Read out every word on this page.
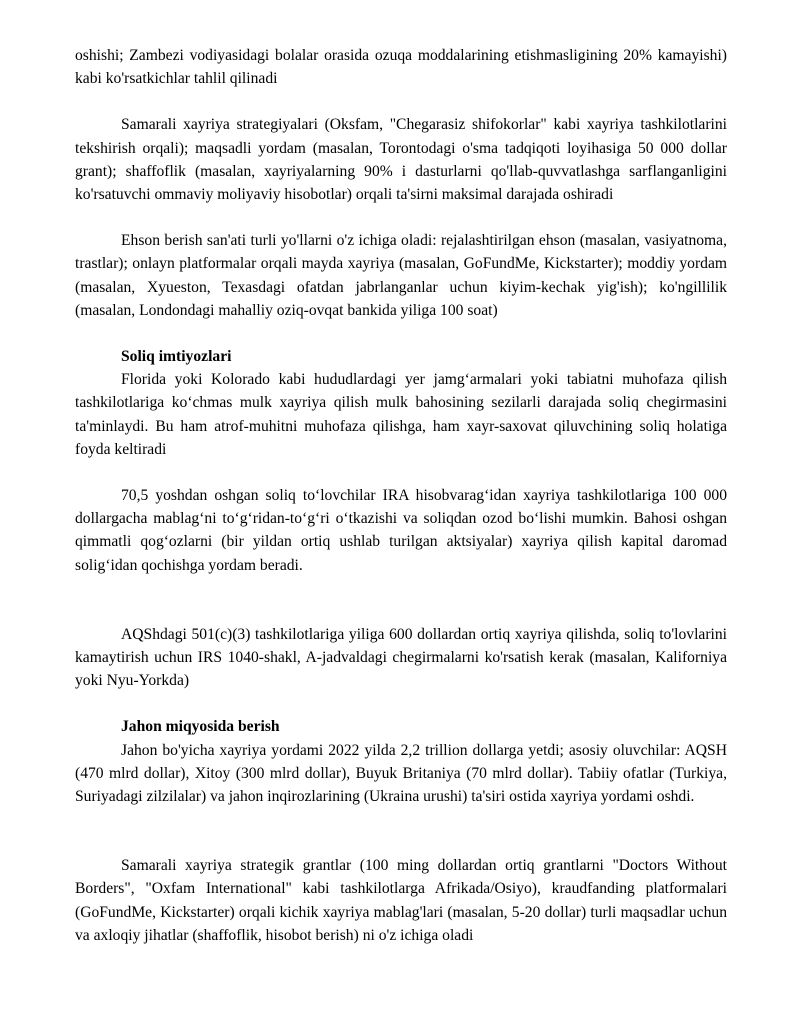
oshishi; Zambezi vodiyasidagi bolalar orasida ozuqa moddalarining etishmasligining 20% kamayishi) kabi ko'rsatkichlar tahlil qilinadi

Samarali xayriya strategiyalari (Oksfam, "Chegarasiz shifokorlar" kabi xayriya tashkilotlarini tekshirish orqali); maqsadli yordam (masalan, Torontodagi o'sma tadqiqoti loyihasiga 50 000 dollar grant); shaffoflik (masalan, xayriyalarning 90% i dasturlarni qo'llab-quvvatlashga sarflanganligini ko'rsatuvchi ommaviy moliyaviy hisobotlar) orqali ta'sirni maksimal darajada oshiradi

Ehson berish san'ati turli yo'llarni o'z ichiga oladi: rejalashtirilgan ehson (masalan, vasiyatnoma, trastlar); onlayn platformalar orqali mayda xayriya (masalan, GoFundMe, Kickstarter); moddiy yordam (masalan, Xyueston, Texasdagi ofatdan jabrlanganlar uchun kiyim-kechak yig'ish); ko'ngillilik (masalan, Londondagi mahalliy oziq-ovqat bankida yiliga 100 soat)

Soliq imtiyozlari

Florida yoki Kolorado kabi hududlardagi yer jamg‘armalari yoki tabiatni muhofaza qilish tashkilotlariga ko‘chmas mulk xayriya qilish mulk bahosining sezilarli darajada soliq chegirmasini ta'minlaydi. Bu ham atrof-muhitni muhofaza qilishga, ham xayr-saxovat qiluvchining soliq holatiga foyda keltiradi

70,5 yoshdan oshgan soliq to‘lovchilar IRA hisobvarag‘idan xayriya tashkilotlariga 100 000 dollargacha mablag‘ni to‘g‘ridan-to‘g‘ri o‘tkazishi va soliqdan ozod bo‘lishi mumkin. Bahosi oshgan qimmatli qog‘ozlarni (bir yildan ortiq ushlab turilgan aktsiyalar) xayriya qilish kapital daromad solig‘idan qochishga yordam beradi.

AQShdagi 501(c)(3) tashkilotlariga yiliga 600 dollardan ortiq xayriya qilishda, soliq to'lovlarini kamaytirish uchun IRS 1040-shakl, A-jadvaldagi chegirmalarni ko'rsatish kerak (masalan, Kaliforniya yoki Nyu-Yorkda)

Jahon miqyosida berish

Jahon bo'yicha xayriya yordami 2022 yilda 2,2 trillion dollarga yetdi; asosiy oluvchilar: AQSH (470 mlrd dollar), Xitoy (300 mlrd dollar), Buyuk Britaniya (70 mlrd dollar). Tabiiy ofatlar (Turkiya, Suriyadagi zilzilalar) va jahon inqirozlarining (Ukraina urushi) ta'siri ostida xayriya yordami oshdi.

Samarali xayriya strategik grantlar (100 ming dollardan ortiq grantlarni "Doctors Without Borders", "Oxfam International" kabi tashkilotlarga Afrikada/Osiyo), kraudfanding platformalari (GoFundMe, Kickstarter) orqali kichik xayriya mablag'lari (masalan, 5-20 dollar) turli maqsadlar uchun va axloqiy jihatlar (shaffoflik, hisobot berish) ni o'z ichiga oladi
